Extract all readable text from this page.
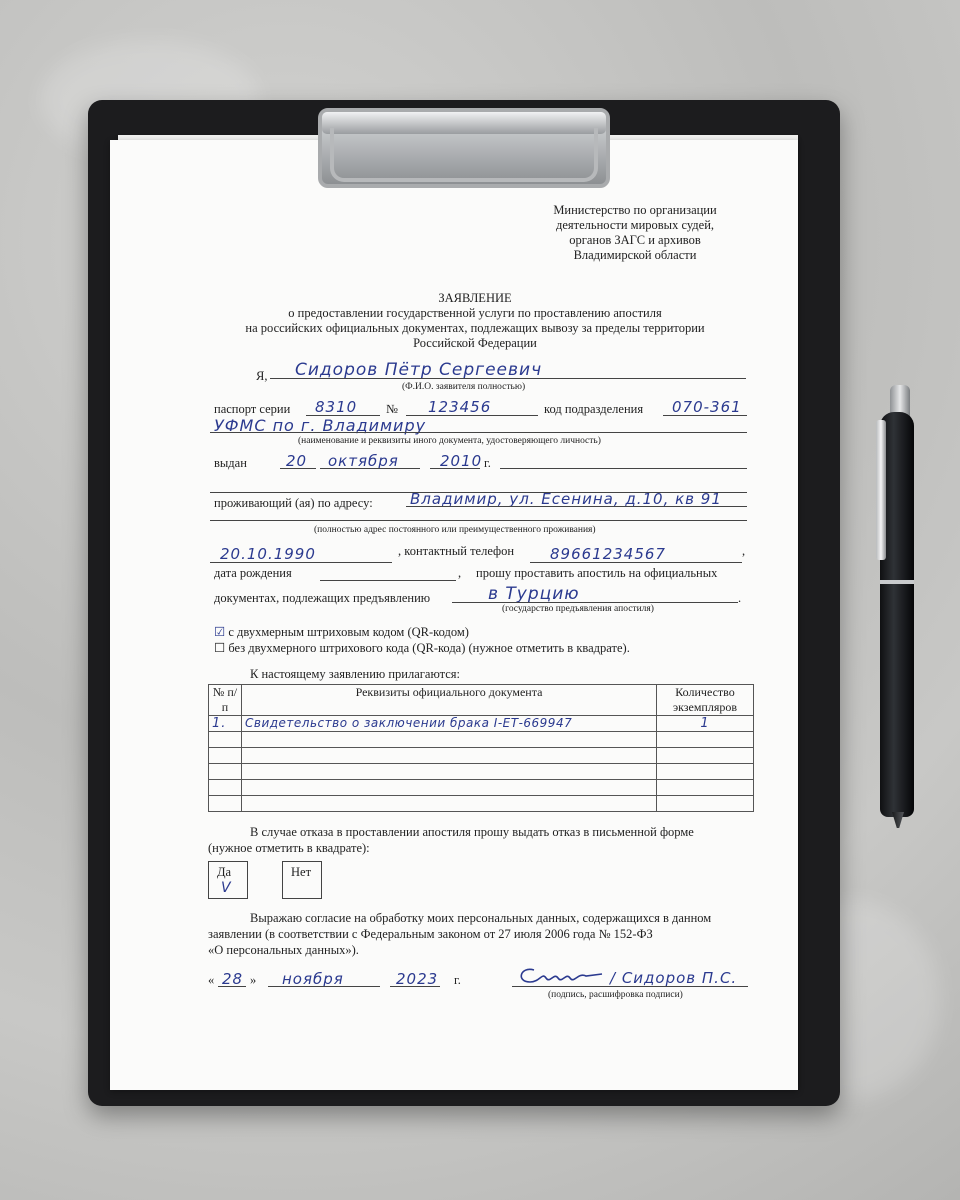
Министерство по организации
деятельности мировых судей,
органов ЗАГС и архивов
Владимирской области
ЗАЯВЛЕНИЕ
о предоставлении государственной услуги по проставлению апостиля
на российских официальных документах, подлежащих вывозу за пределы территории
Российской Федерации
Я, Сидоров Пётр Сергеевич
(Ф.И.О. заявителя полностью)
паспорт серии 8310 № 123456	код подразделения 070-361
УФМС по г. Владимиру
(наименование и реквизиты иного документа, удостоверяющего личность)
выдан	20 октября	2010 г.
проживающий (ая) по адресу: Владимир, ул. Есенина, д.10, кв 91
(полностью адрес постоянного или преимущественного проживания)
20.10.1990	, контактный телефон 89661234567	,
дата рождения	, прошу проставить апостиль на официальных
документах, подлежащих предъявлению	в Турцию	.
(государство предъявления апостиля)
☑ с двухмерным штриховым кодом (QR-кодом)
☐ без двухмерного штрихового кода (QR-кода) (нужное отметить в квадрате).
К настоящему заявлению прилагаются:
№ п/п	Реквизиты официального документа	Количество экземпляров
1.	Свидетельство о заключении брака I-ЕТ-669947	1

В случае отказа в проставлении апостиля прошу выдать отказ в письменной форме
(нужное отметить в квадрате):
Да
V
Нет
Выражаю согласие на обработку моих персональных данных, содержащихся в данном
заявлении (в соответствии с Федеральным законом от 27 июля 2006 года № 152-ФЗ
«О персональных данных»).
« 28 » ноября	2023 г.	/ Сидоров П.С.
(подпись, расшифровка подписи)
